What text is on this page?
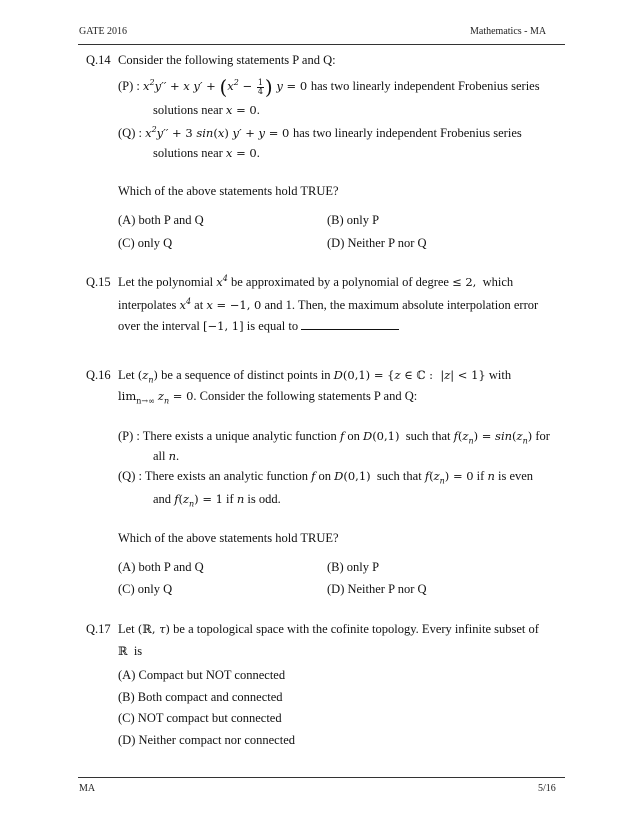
GATE 2016	Mathematics - MA
Q.14 Consider the following statements P and Q:
(P) : $x^2y'' + x$ $y' + (x^2 - \frac{1}{4}$ ) y = 0 has two linearly independent Frobenius series
solutions near x = 0.
(Q) : $x^2y'' + 3$ sin(x) y′ + y = 0 has two linearly independent Frobenius series
solutions near x = 0.
Which of the above statements hold TRUE?
(A) both P and Q	(B) only P
(C) only Q	(D) Neither P nor Q
Q.15 Let the polynomial $x^4$ be approximated by a polynomial of degree ≤ 2, which
interpolates $x^4$ at x = −1, 0 and 1. Then, the maximum absolute interpolation error
over the interval [−1, 1] is equal to
Q.16 Let $(z_n)$ be a sequence of distinct points in D(0,1) = {z ∈ ℂ :  |z| < 1} with
$\lim_{n\to\infty} z_n = 0$. Consider the following statements P and Q:
(P) : There exists a unique analytic function f on D(0,1) such that $f(z_n) = \sin(z_n)$ for
all n.
(Q) : There exists an analytic function f on D(0,1) such that $f(z_n) = 0$ if n is even
and $f(z_n) = 1$ if n is odd.
Which of the above statements hold TRUE?
(A) both P and Q	(B) only P
(C) only Q	(D) Neither P nor Q
Q.17 Let (ℝ, τ) be a topological space with the cofinite topology. Every infinite subset of
ℝ is
(A) Compact but NOT connected
(B) Both compact and connected
(C) NOT compact but connected
(D) Neither compact nor connected
MA	5/16
